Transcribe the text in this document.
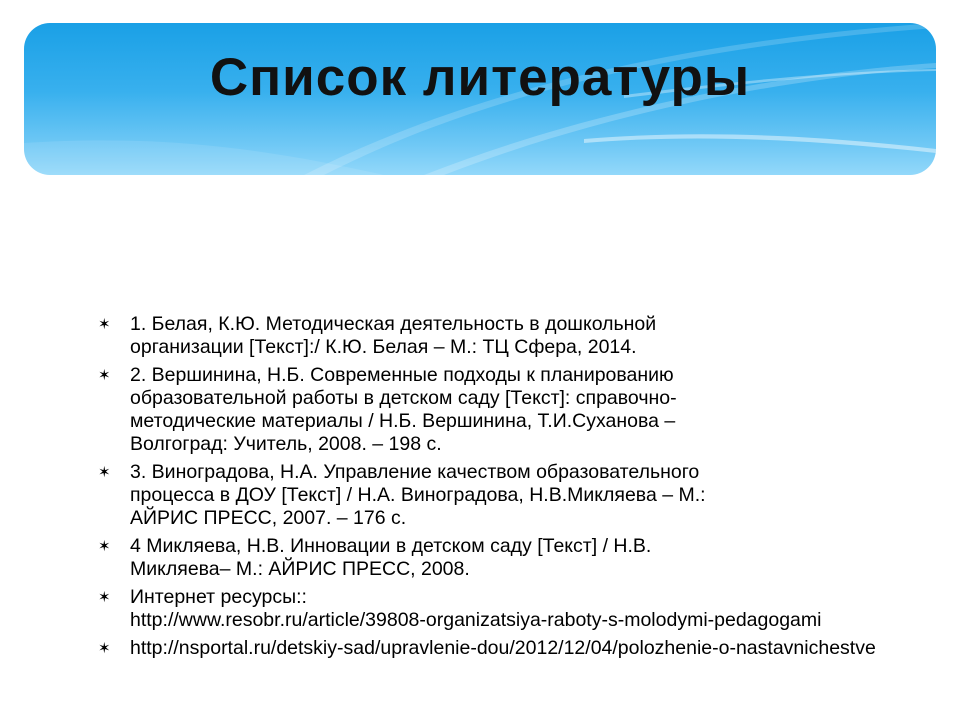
Список литературы
✶ 1. Белая, К.Ю. Методическая деятельность в дошкольной
организации [Текст]:/ К.Ю. Белая – М.: ТЦ Сфера, 2014.
✶ 2. Вершинина, Н.Б. Современные подходы к планированию
образовательной работы в детском саду [Текст]: справочно-
методические материалы / Н.Б. Вершинина, Т.И.Суханова –
Волгоград: Учитель, 2008. – 198 с.
✶ 3. Виноградова, Н.А. Управление качеством образовательного
процесса в ДОУ [Текст] / Н.А. Виноградова, Н.В.Микляева – М.:
АЙРИС ПРЕСС, 2007. – 176 с.
✶ 4 Микляева, Н.В. Инновации в детском саду [Текст] / Н.В.
Микляева– М.: АЙРИС ПРЕСС, 2008.
✶ Интернет ресурсы::
http://www.resobr.ru/article/39808-organizatsiya-raboty-s-molodymi-pedagogami
✶ http://nsportal.ru/detskiy-sad/upravlenie-dou/2012/12/04/polozhenie-o-nastavnichestve
